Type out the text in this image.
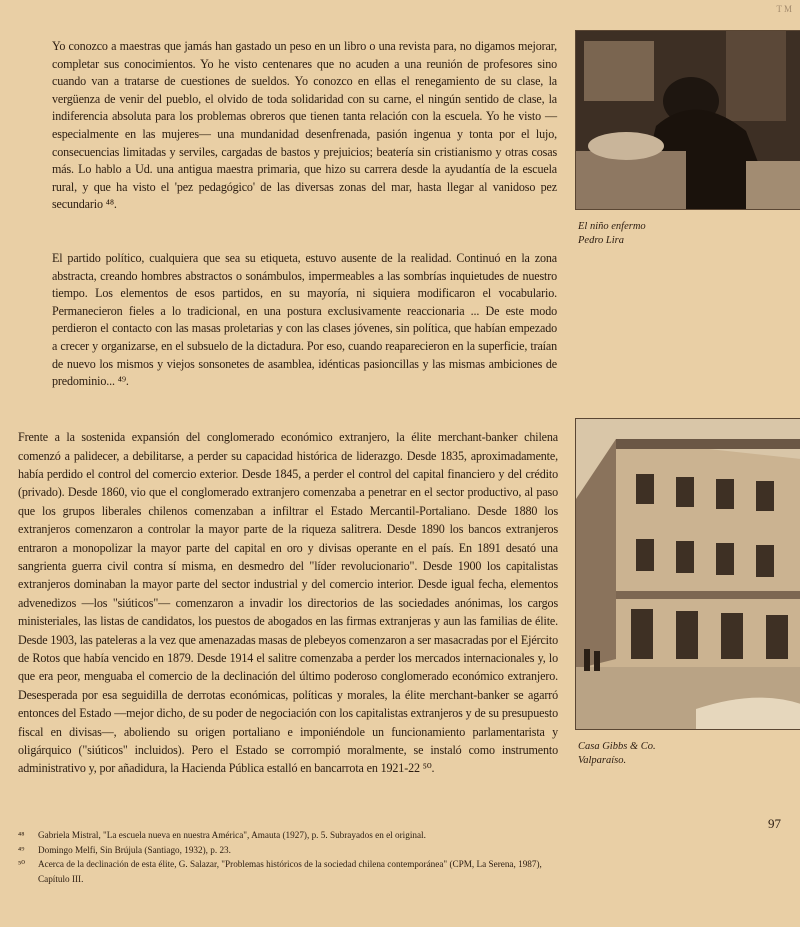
TM

Yo conozco a maestras que jamás han gastado un peso en un libro o una revista para, no digamos mejorar, completar sus conocimientos. Yo he visto centenares que no acuden a una reunión de profesores sino cuando van a tratarse de cuestiones de sueldos. Yo conozco en ellas el renegamiento de su clase, la vergüenza de venir del pueblo, el olvido de toda solidaridad con su carne, el ningún sentido de clase, la indiferencia absoluta para los problemas obreros que tienen tanta relación con la escuela. Yo he visto —especialmente en las mujeres— una mundanidad desenfrenada, pasión ingenua y tonta por el lujo, consecuencias limitadas y serviles, cargadas de bastos y prejuicios; beatería sin cristianismo y otras cosas más. Lo hablo a Ud. una antigua maestra primaria, que hizo su carrera desde la ayudantía de la escuela rural, y que ha visto el 'pez pedagógico' de las diversas zonas del mar, hasta llegar al vanidoso pez secundario ⁴⁸.

El partido político, cualquiera que sea su etiqueta, estuvo ausente de la realidad. Continuó en la zona abstracta, creando hombres abstractos o sonámbulos, impermeables a las sombrías inquietudes de nuestro tiempo. Los elementos de esos partidos, en su mayoría, ni siquiera modificaron el vocabulario. Permanecieron fieles a lo tradicional, en una postura exclusivamente reaccionaria ... De este modo perdieron el contacto con las masas proletarias y con las clases jóvenes, sin política, que habían empezado a crecer y organizarse, en el subsuelo de la dictadura. Por eso, cuando reaparecieron en la superficie, traían de nuevo los mismos y viejos sonsonetes de asamblea, idénticas pasioncillas y las mismas ambiciones de predominio... ⁴⁹.

El niño enfermo
Pedro Lira

Frente a la sostenida expansión del conglomerado económico extranjero, la élite merchant-banker chilena comenzó a palidecer, a debilitarse, a perder su capacidad histórica de liderazgo. Desde 1835, aproximadamente, había perdido el control del comercio exterior. Desde 1845, a perder el control del capital financiero y del crédito (privado). Desde 1860, vio que el conglomerado extranjero comenzaba a penetrar en el sector productivo, al paso que los grupos liberales chilenos comenzaban a infiltrar el Estado Mercantil-Portaliano. Desde 1880 los extranjeros comenzaron a controlar la mayor parte de la riqueza salitrera. Desde 1890 los bancos extranjeros entraron a monopolizar la mayor parte del capital en oro y divisas operante en el país. En 1891 desató una sangrienta guerra civil contra sí misma, en desmedro del "líder revolucionario". Desde 1900 los capitalistas extranjeros dominaban la mayor parte del sector industrial y del comercio interior. Desde igual fecha, elementos advenedizos —los "siúticos"— comenzaron a invadir los directorios de las sociedades anónimas, los cargos ministeriales, las listas de candidatos, los puestos de abogados en las firmas extranjeras y aun las familias de élite. Desde 1903, las pateleras a la vez que amenazadas masas de plebeyos comenzaron a ser masacradas por el Ejército de Rotos que había vencido en 1879. Desde 1914 el salitre comenzaba a perder los mercados internacionales y, lo que era peor, menguaba el comercio de la declinación del último poderoso conglomerado económico extranjero. Desesperada por esa seguidilla de derrotas económicas, políticas y morales, la élite merchant-banker se agarró entonces del Estado —mejor dicho, de su poder de negociación con los capitalistas extranjeros y de su presupuesto fiscal en divisas—, aboliendo su origen portaliano e imponiéndole un funcionamiento parlamentarista y oligárquico ("siúticos" incluidos). Pero el Estado se corrompió moralmente, se instaló como instrumento administrativo y, por añadidura, la Hacienda Pública estalló en bancarrota en 1921-22 ⁵⁰.

Casa Gibbs & Co.
Valparaíso.
97
⁴⁸ Gabriela Mistral, "La escuela nueva en nuestra América", Amauta (1927), p. 5. Subrayados en el original.
⁴⁹ Domingo Melfi, Sin Brújula (Santiago, 1932), p. 23.
⁵⁰ Acerca de la declinación de esta élite, G. Salazar, "Problemas históricos de la sociedad chilena contemporánea" (CPM, La Serena, 1987), Capítulo III.
